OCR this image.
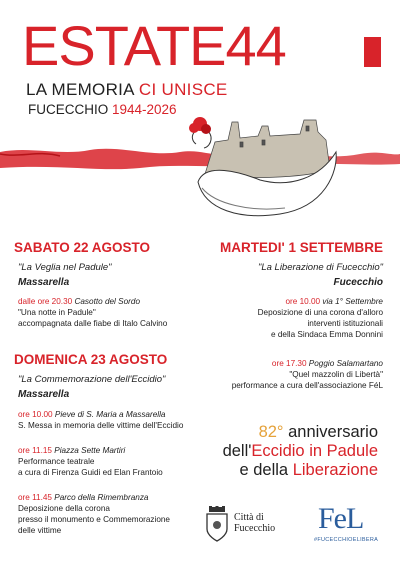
ESTATE44
LA MEMORIA CI UNISCE
FUCECCHIO 1944-2026
SABATO 22 AGOSTO
"La Veglia nel Padule"
Massarella
dalle ore 20.30 Casotto del Sordo
"Una notte in Padule"
accompagnata dalle fiabe di Italo Calvino
DOMENICA 23 AGOSTO
"La Commemorazione dell'Eccidio"
Massarella
ore 10.00 Pieve di S. Maria a Massarella
S. Messa in memoria delle vittime dell'Eccidio
ore 11.15 Piazza Sette Martiri
Performance teatrale
a cura di Firenza Guidi ed Elan Frantoio
ore 11.45 Parco della Rimembranza
Deposizione della corona
presso il monumento e Commemorazione
delle vittime
MARTEDI' 1 SETTEMBRE
"La Liberazione di Fucecchio"
Fucecchio
ore 10.00 via 1° Settembre
Deposizione di una corona d'alloro
interventi istituzionali
e della Sindaca Emma Donnini
ore 17.30 Poggio Salamartano
"Quel mazzolin di Libertà"
performance a cura dell'associazione FéL
82° anniversario
dell'Eccidio in Padule
e della Liberazione
Città di
Fucecchio FeL
#FUCECCHIOELIBERA
